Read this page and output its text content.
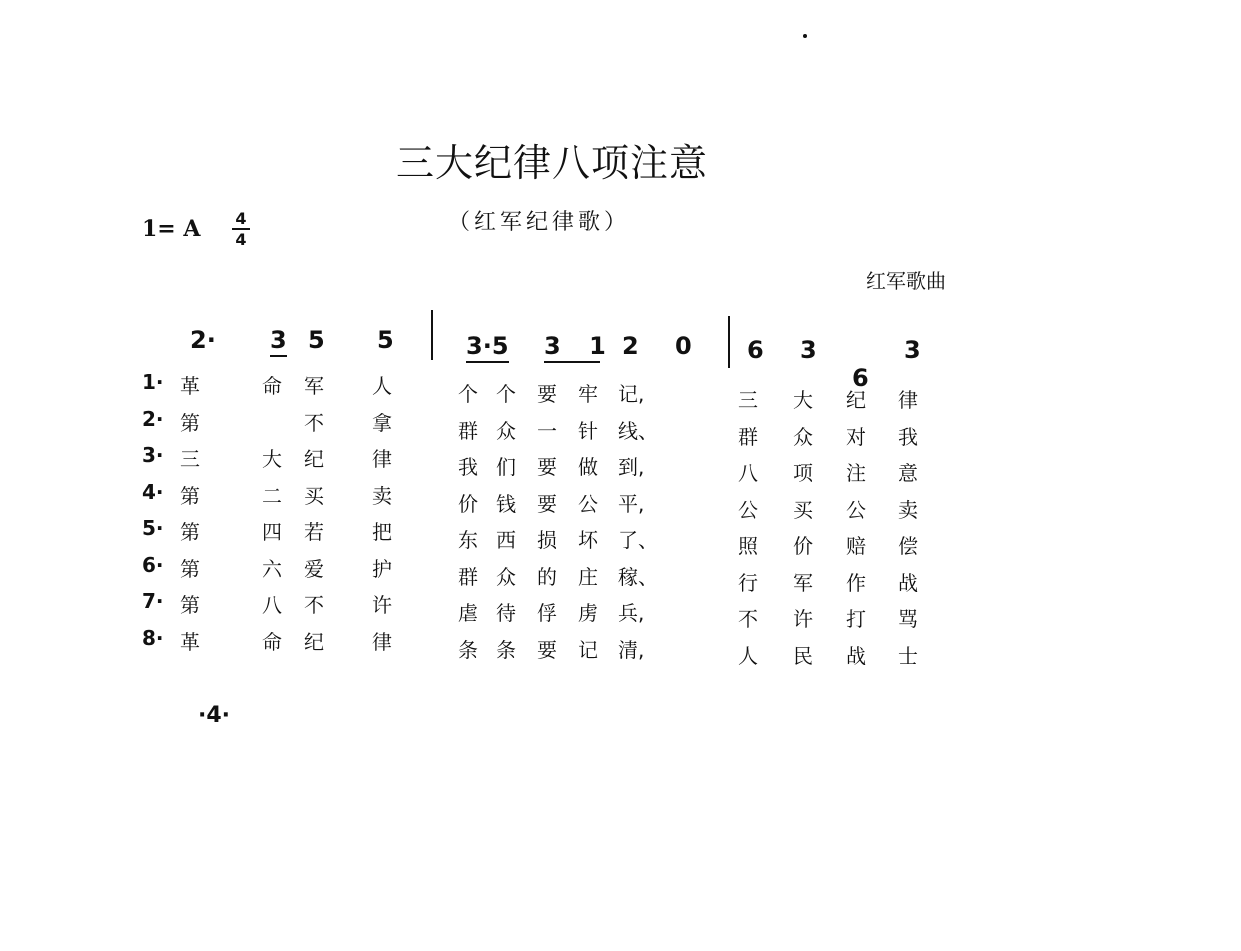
三大纪律八项注意
（红军纪律歌）
红军歌曲
1= A	4
4
2· 3 5 5	3·5 3 1 2 0 6	3
6
3
1· 革	命 军 人	个 个 要 牢 记,	三 大 纪 律
2· 第	不 拿	群 众 一 针 线、	群 众 对 我
3· 三	大 纪 律	我 们 要 做 到,	八 项 注 意
4· 第	二 买 卖	价 钱 要 公 平,	公 买 公 卖
5· 第	四 若 把	东 西 损 坏 了、	照 价 赔 偿
6· 第	六 爱 护	群 众 的 庄 稼、	行 军 作 战
7· 第	八 不 许	虐 待 俘 虏 兵,	不 许 打 骂
8· 革	命 纪 律	条 条 要 记 清,	人 民 战 士
·4·
